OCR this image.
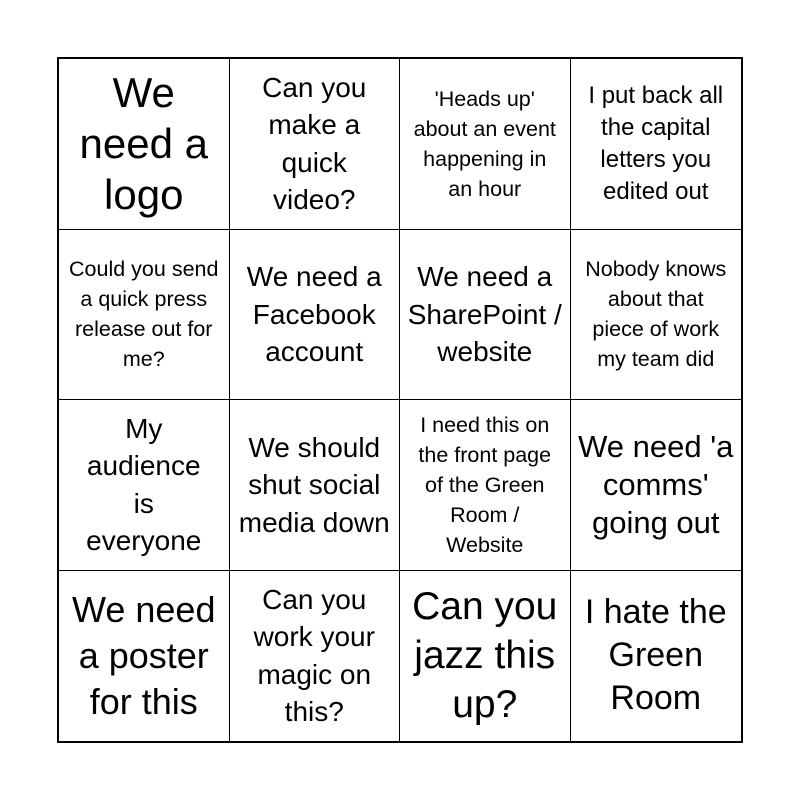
We need a logo
Can you make a quick video?
'Heads up' about an event happening in an hour
I put back all the capital letters you edited out
Could you send a quick press release out for me?
We need a Facebook account
We need a SharePoint / website
Nobody knows about that piece of work my team did
My audience is everyone
We should shut social media down
I need this on the front page of the Green Room / Website
We need 'a comms' going out
We need a poster for this
Can you work your magic on this?
Can you jazz this up?
I hate the Green Room
